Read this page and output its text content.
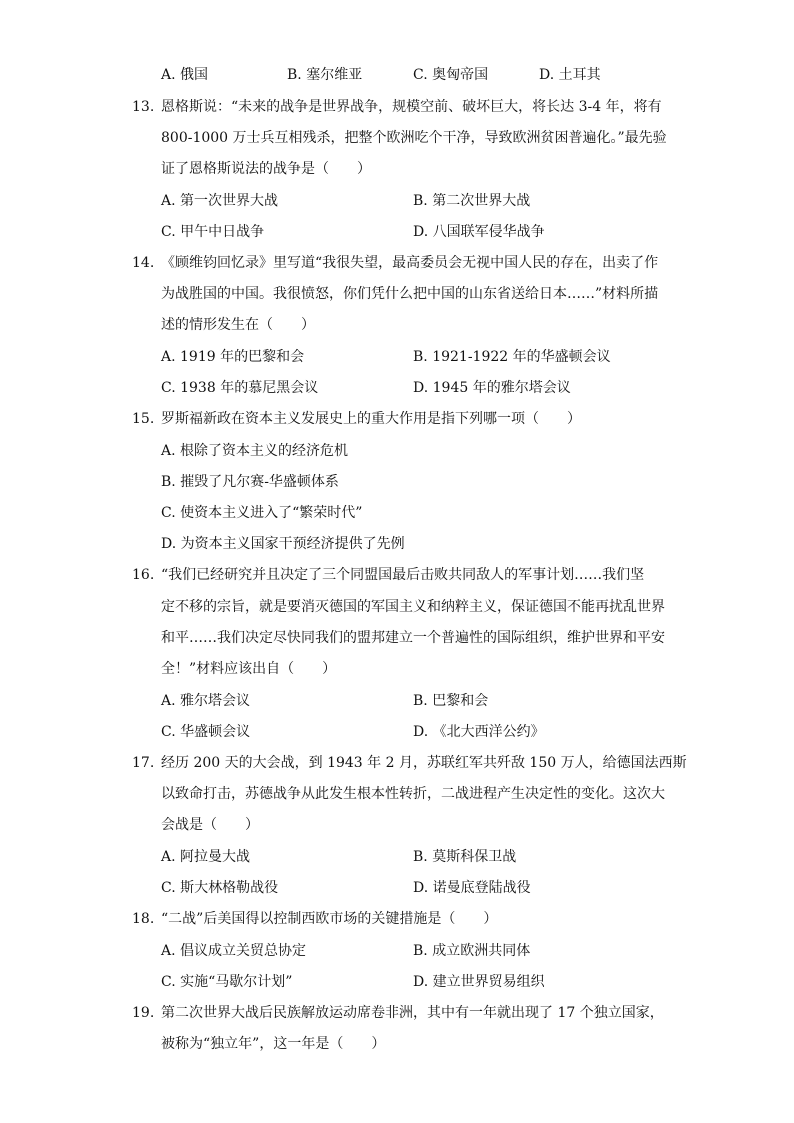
A. 俄国	B. 塞尔维亚	C. 奥匈帝国	D. 土耳其
13. 恩格斯说：“未来的战争是世界战争，规模空前、破坏巨大，将长达 3-4 年，将有
800-1000 万士兵互相残杀，把整个欧洲吃个干净，导致欧洲贫困普遍化。”最先验
证了恩格斯说法的战争是（　　）
A. 第一次世界大战	B. 第二次世界大战
C. 甲午中日战争	D. 八国联军侵华战争
14. 《顾维钧回忆录》里写道“我很失望，最高委员会无视中国人民的存在，出卖了作
为战胜国的中国。我很愤怒，你们凭什么把中国的山东省送给日本……”材料所描
述的情形发生在（　　）
A. 1919 年的巴黎和会	B. 1921-1922 年的华盛顿会议
C. 1938 年的慕尼黑会议	D. 1945 年的雅尔塔会议
15. 罗斯福新政在资本主义发展史上的重大作用是指下列哪一项（　　）
A. 根除了资本主义的经济危机
B. 摧毁了凡尔赛-华盛顿体系
C. 使资本主义进入了“繁荣时代”
D. 为资本主义国家干预经济提供了先例
16. “我们已经研究并且决定了三个同盟国最后击败共同敌人的军事计划……我们坚
定不移的宗旨，就是要消灭德国的军国主义和纳粹主义，保证德国不能再扰乱世界
和平……我们决定尽快同我们的盟邦建立一个普遍性的国际组织，维护世界和平安
全！”材料应该出自（　　）
A. 雅尔塔会议	B. 巴黎和会
C. 华盛顿会议	D. 《北大西洋公约》
17. 经历 200 天的大会战，到 1943 年 2 月，苏联红军共歼敌 150 万人，给德国法西斯
以致命打击，苏德战争从此发生根本性转折，二战进程产生决定性的变化。这次大
会战是（　　）
A. 阿拉曼大战	B. 莫斯科保卫战
C. 斯大林格勒战役	D. 诺曼底登陆战役
18. “二战”后美国得以控制西欧市场的关键措施是（　　）
A. 倡议成立关贸总协定	B. 成立欧洲共同体
C. 实施“马歇尔计划”	D. 建立世界贸易组织
19. 第二次世界大战后民族解放运动席卷非洲，其中有一年就出现了 17 个独立国家，
被称为“独立年”，这一年是（　　）
